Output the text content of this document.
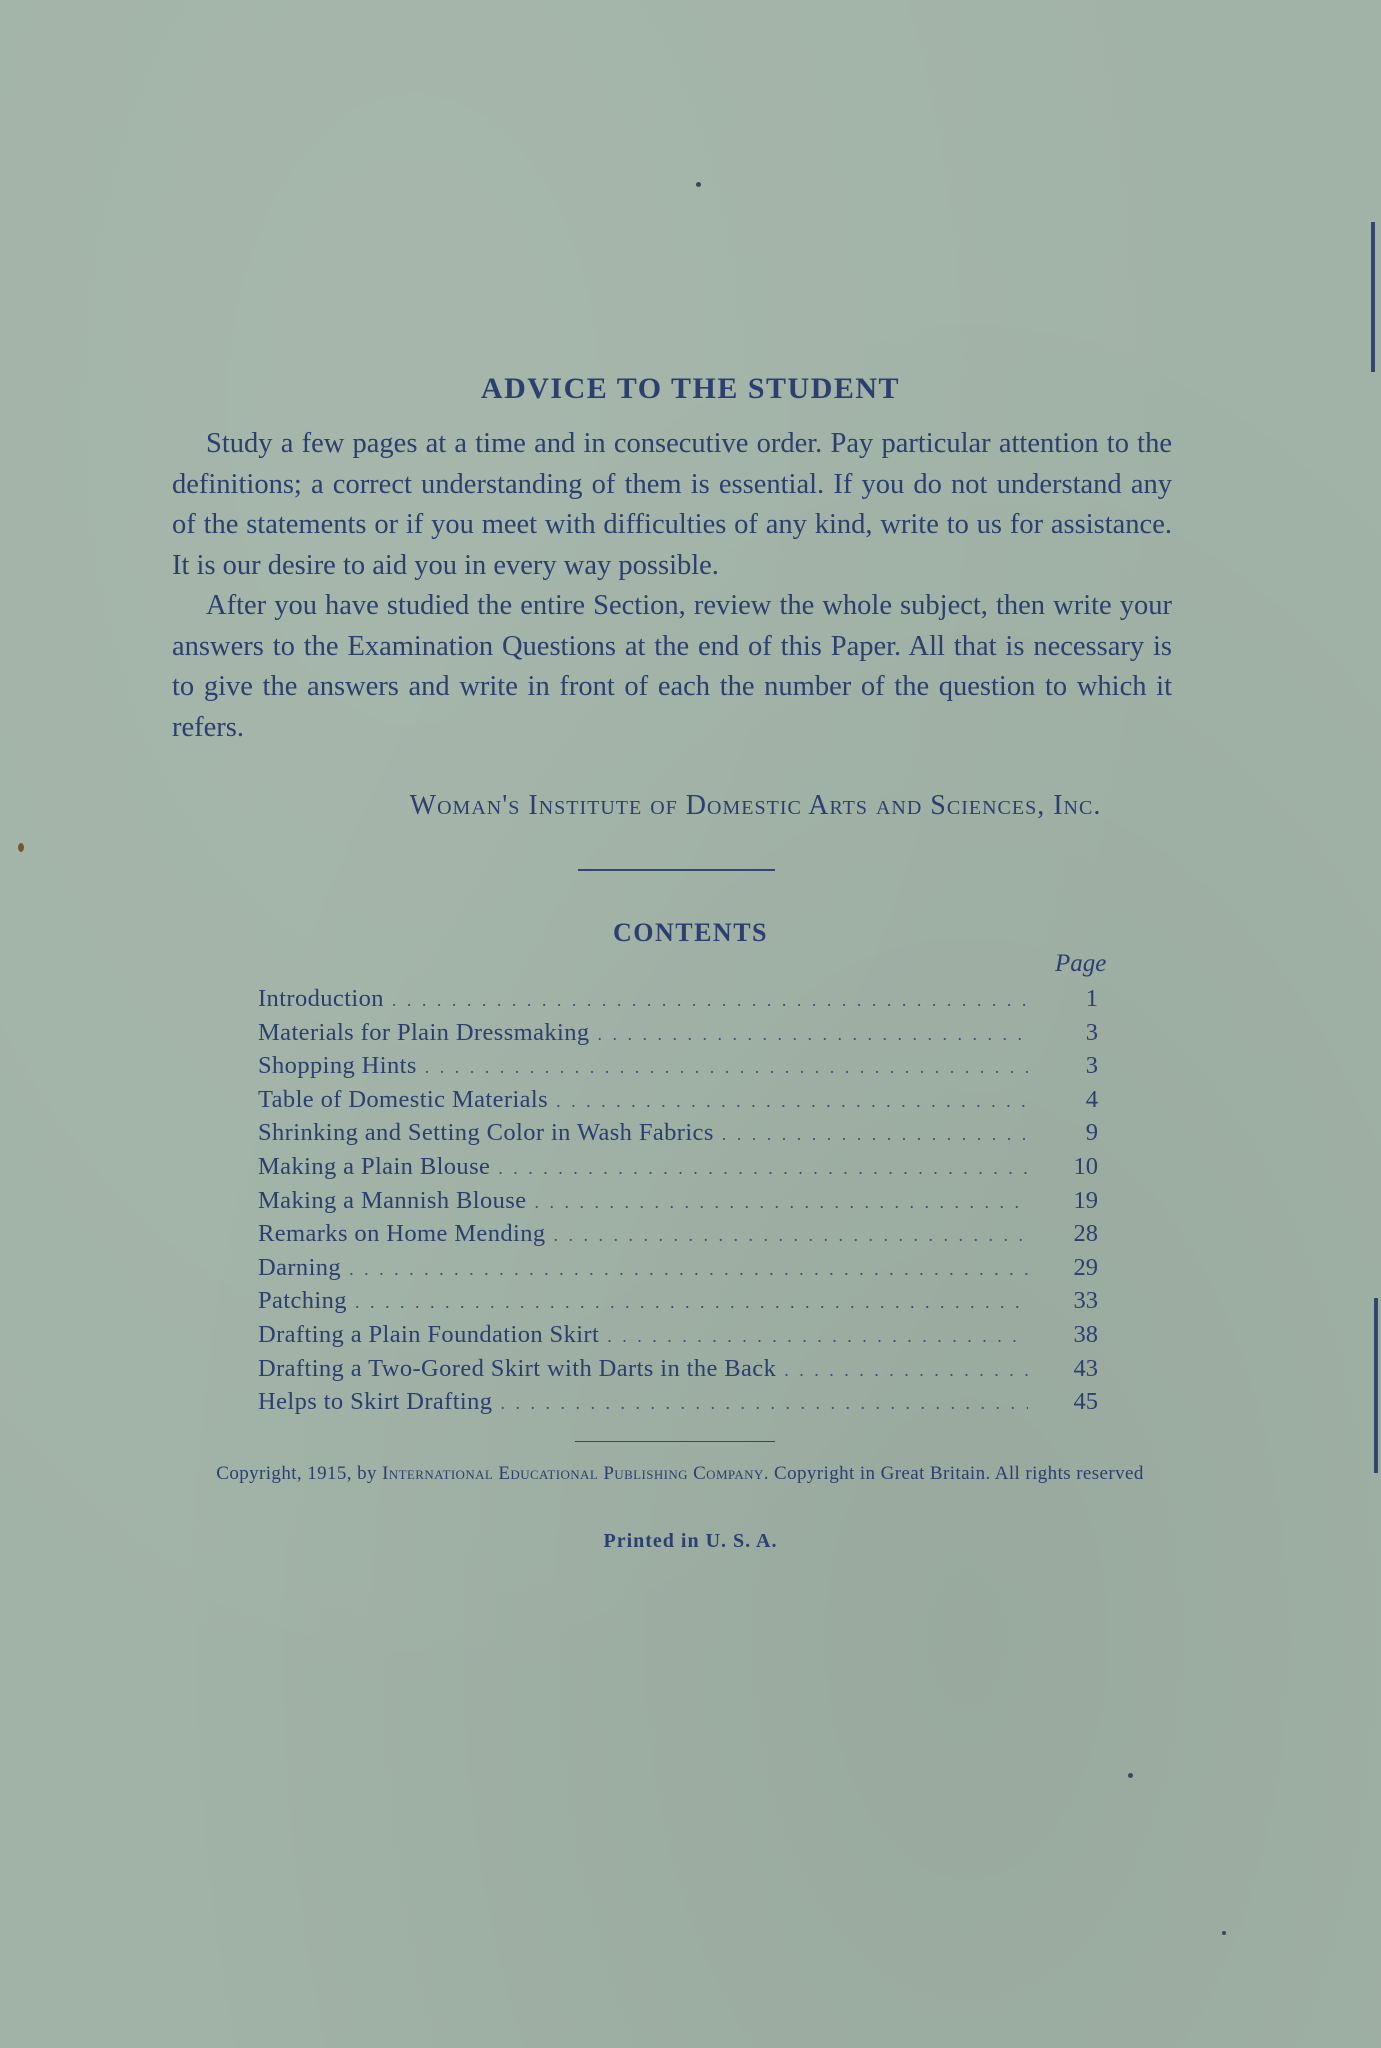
ADVICE TO THE STUDENT

Study a few pages at a time and in consecutive order. Pay particular attention to the definitions; a correct understanding of them is essential. If you do not understand any of the statements or if you meet with difficulties of any kind, write to us for assistance. It is our desire to aid you in every way possible.

After you have studied the entire Section, review the whole subject, then write your answers to the Examination Questions at the end of this Paper. All that is necessary is to give the answers and write in front of each the number of the question to which it refers.

Woman's Institute of Domestic Arts and Sciences, Inc.
CONTENTS
Page
Introduction . . .	1
Materials for Plain Dressmaking . . .	3
Shopping Hints . . .	3
Table of Domestic Materials . . .	4
Shrinking and Setting Color in Wash Fabrics . . .	9
Making a Plain Blouse . . .	10
Making a Mannish Blouse . . .	19
Remarks on Home Mending . . .	28
Darning . . .	29
Patching . . .	33
Drafting a Plain Foundation Skirt . . .	38
Drafting a Two-Gored Skirt with Darts in the Back . . .	43
Helps to Skirt Drafting . . .	45
Copyright, 1915, by International Educational Publishing Company. Copyright in Great Britain. All rights reserved
Printed in U. S. A.
